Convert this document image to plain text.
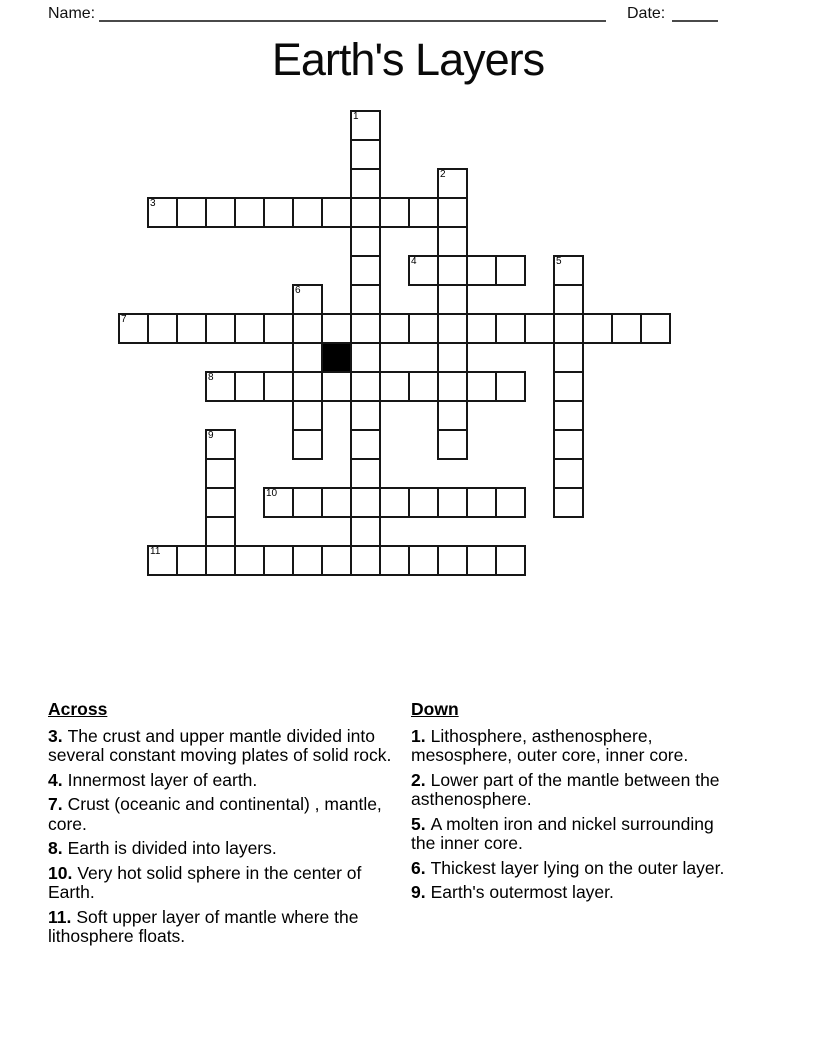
Name:	Date:
Earth's Layers
1
2
3
4	5
6
7
8
9
10
11
Across

3. The crust and upper mantle divided into several constant moving plates of solid rock.

4. Innermost layer of earth.

7. Crust (oceanic and continental) , mantle, core.

8. Earth is divided into layers.

10. Very hot solid sphere in the center of Earth.

11. Soft upper layer of mantle where the lithosphere floats.

Down

1. Lithosphere, asthenosphere, mesosphere, outer core, inner core.

2. Lower part of the mantle between the asthenosphere.

5. A molten iron and nickel surrounding the inner core.

6. Thickest layer lying on the outer layer.

9. Earth's outermost layer.
